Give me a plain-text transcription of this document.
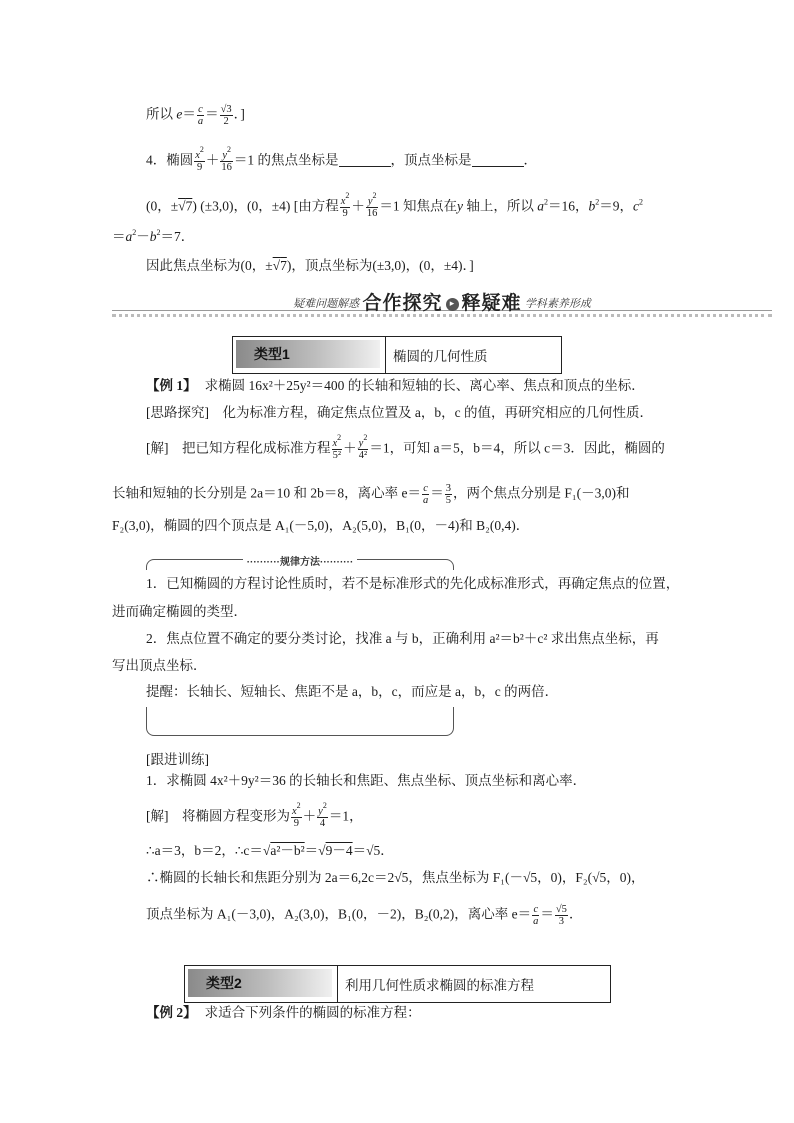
所以 $e= \frac{c}{a} = \frac{√3}{2}$ ．]
4．椭圆 $\frac{x^2}{9} + \frac{y^2}{16} =1$ 的焦点坐标是	，顶点坐标是	．
(0，±√7) (±3,0)，(0，±4) [由方程 $\frac{x^2}{9} + \frac{y^2}{16} =1$ 知焦点在y 轴上，所以 $a^2=16$，$b^2=9$，$c^2$
$=a^2-b^2=7$．
因此焦点坐标为(0，±√7)，顶点坐标为(±3,0)，(0，±4)．]
疑难问题解惑 合作探究 ▸ 释疑难 学科素养形成
类型1	椭圆的几何性质
【例 1】 求椭圆 16x²＋25y²＝400 的长轴和短轴的长、离心率、焦点和顶点的坐标．
[思路探究]　化为标准方程，确定焦点位置及 a，b，c 的值，再研究相应的几何性质．
[解]　把已知方程化成标准方程 $\frac{x^2}{\text{5²}} + \frac{y^2}{\text{4²}} =1$，可知 a＝5，b＝4，所以 c＝3．因此，椭圆的
长轴和短轴的长分别是 2a＝10 和 2b＝8，离心率 $e= \frac{c}{a} = \frac{3}{5}$ ，两个焦点分别是 F₁(－3,0)和
F₂(3,0)，椭圆的四个顶点是 A₁(－5,0)，A₂(5,0)，B₁(0，－4)和 B₂(0,4)．
··········规律方法··········
1．已知椭圆的方程讨论性质时，若不是标准形式的先化成标准形式，再确定焦点的位置，
进而确定椭圆的类型．
2．焦点位置不确定的要分类讨论，找准 a 与 b，正确利用 a²＝b²＋c² 求出焦点坐标，再
写出顶点坐标．
提醒：长轴长、短轴长、焦距不是 a，b，c，而应是 a，b，c 的两倍．
[跟进训练]
1．求椭圆 4x²＋9y²＝36 的长轴长和焦距、焦点坐标、顶点坐标和离心率．
[解]　将椭圆方程变形为 $\frac{x^2}{9} + \frac{y^2}{4} =1$，
∴a＝3，b＝2，∴c＝√a²－b²＝√9－4＝√5．
∴椭圆的长轴长和焦距分别为 2a＝6,2c＝2√5，焦点坐标为 F₁(－√5，0)，F₂(√5，0)，
顶点坐标为 A₁(－3,0)，A₂(3,0)，B₁(0，－2)，B₂(0,2)，离心率 $e= \frac{c}{a} = \frac{√5}{3}$ ．
类型2	利用几何性质求椭圆的标准方程
【例 2】 求适合下列条件的椭圆的标准方程：
